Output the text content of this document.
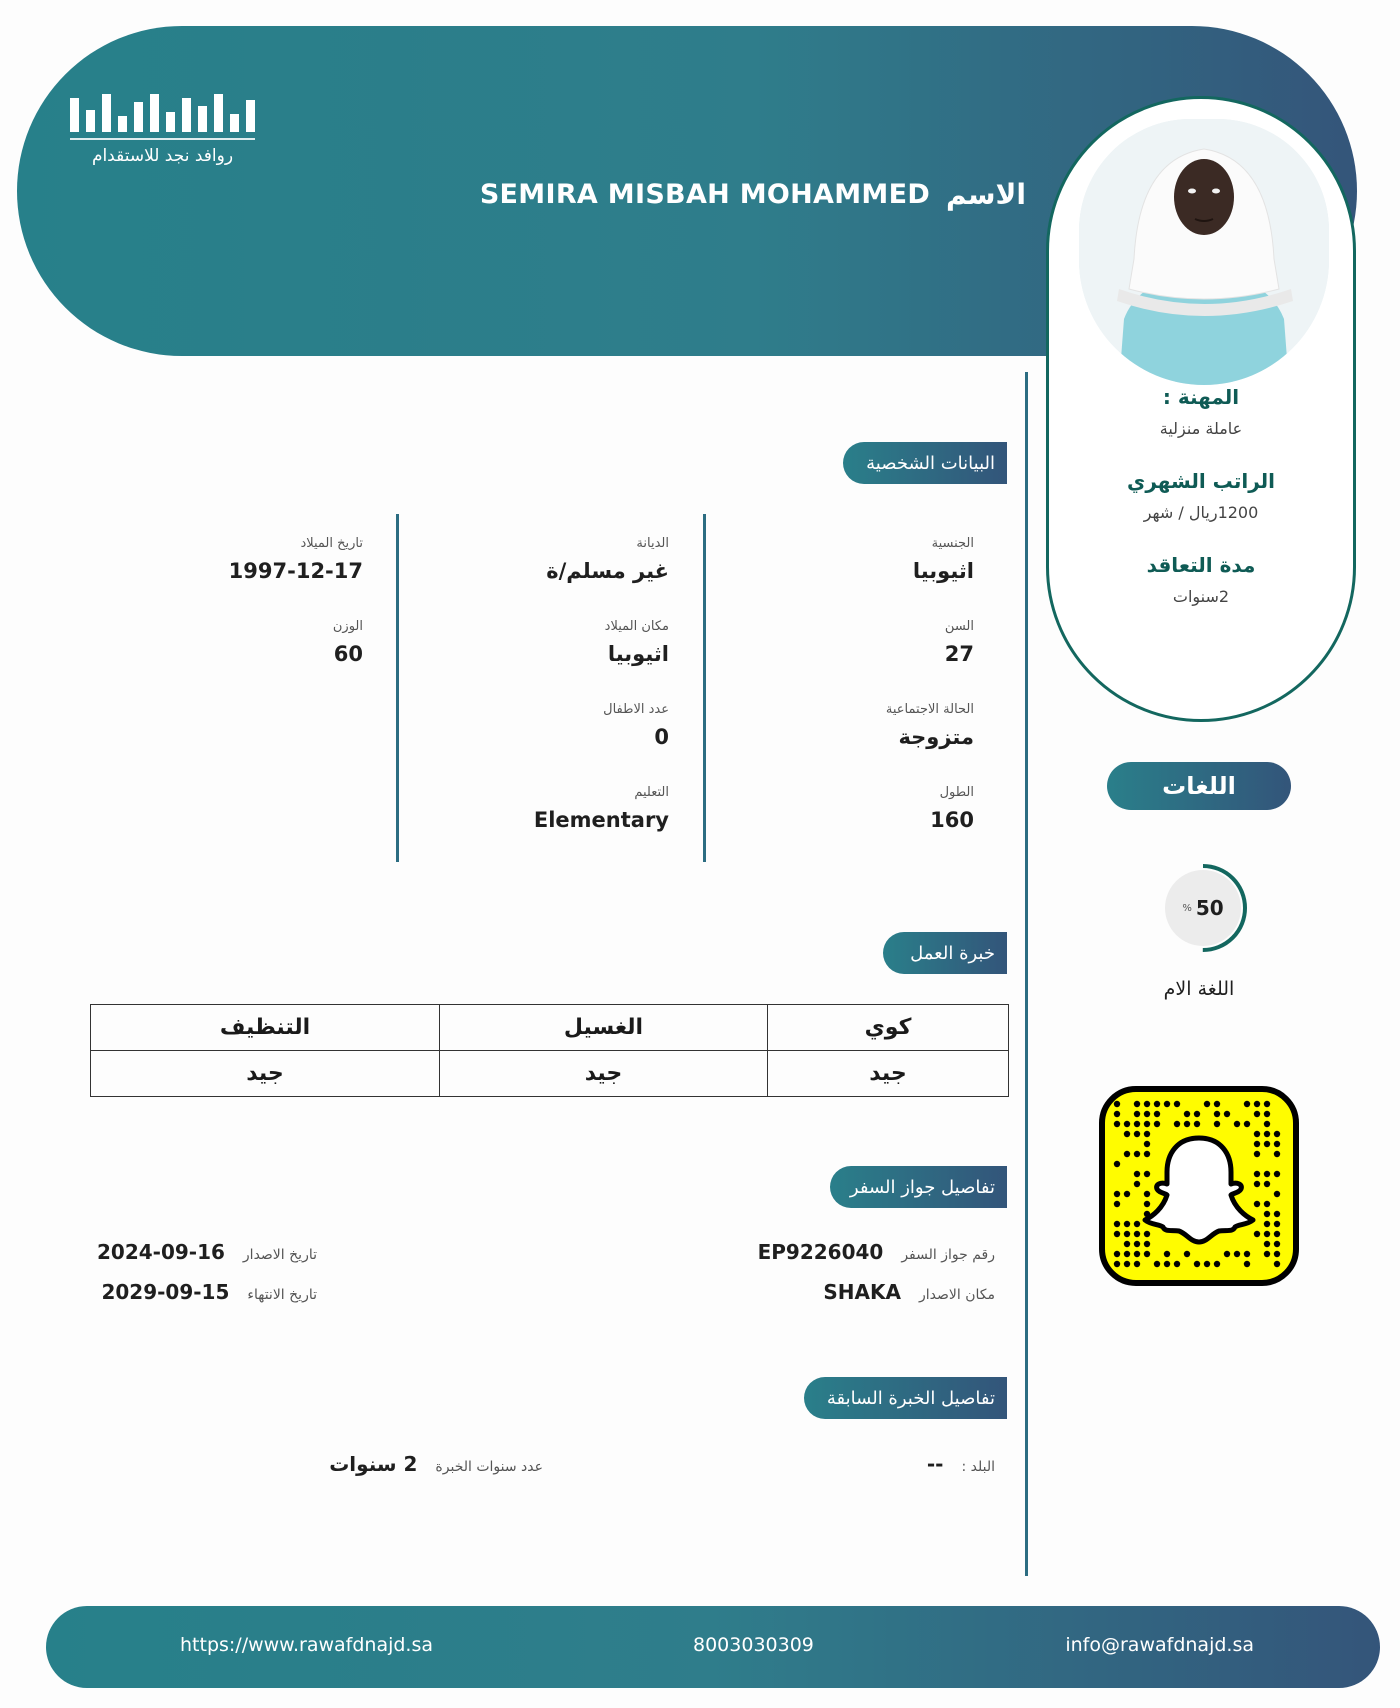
روافد نجد للاستقدام
الاسم
SEMIRA MISBAH MOHAMMED
المهنة :
عاملة منزلية
الراتب الشهري
1200ريال / شهر
مدة التعاقد
2سنوات
البيانات الشخصية
الجنسية
اثيوبيا
السن
27
الحالة الاجتماعية
متزوجة
الطول
160
الديانة
غير مسلم/ة
مكان الميلاد
اثيوبيا
عدد الاطفال
0
التعليم
Elementary
تاريخ الميلاد
1997-12-17
الوزن
60
خبرة العمل
كوي	الغسيل	التنظيف
جيد	جيد	جيد
تفاصيل جواز السفر
رقم جواز السفر
EP9226040
مكان الاصدار
SHAKA
تاريخ الاصدار
2024-09-16
تاريخ الانتهاء
2029-09-15
تفاصيل الخبرة السابقة
البلد :
--
عدد سنوات الخبرة
2 سنوات
اللغات
% 50
اللغة الام
https://www.rawafdnajd.sa	8003030309	info@rawafdnajd.sa
